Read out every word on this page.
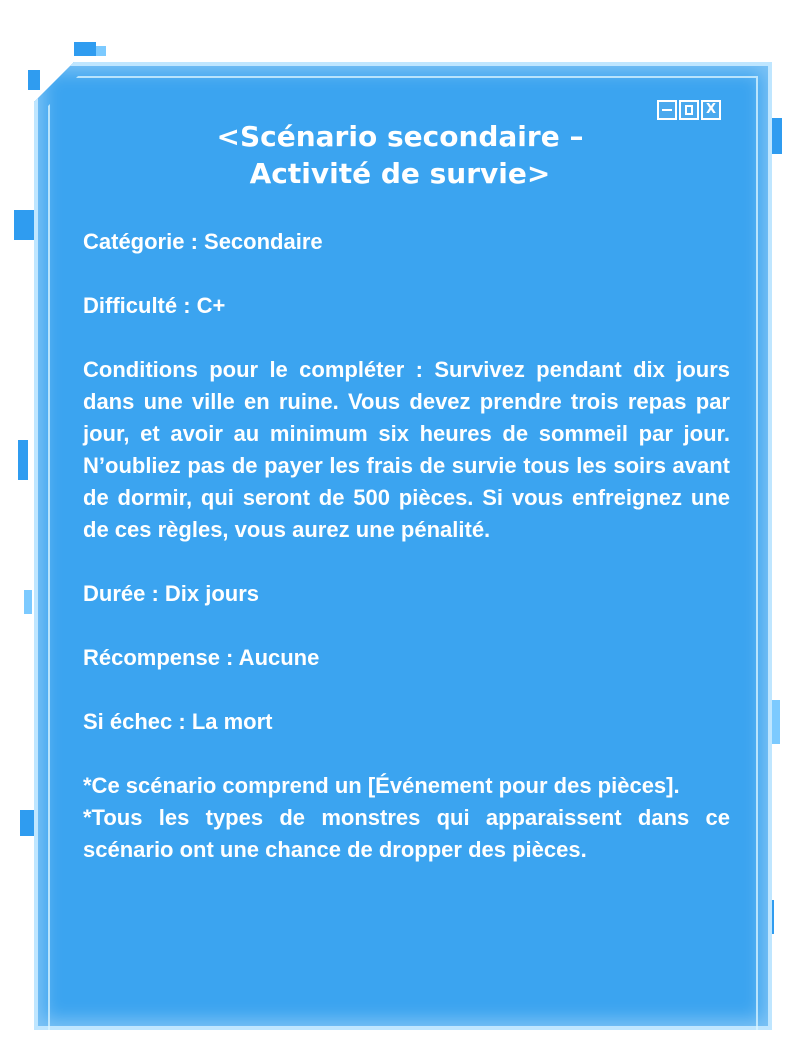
X
<Scénario secondaire –
Activité de survie>

Catégorie : Secondaire

Difficulté : C+

Conditions pour le compléter : Survivez pendant dix jours dans une ville en ruine. Vous devez prendre trois repas par jour, et avoir au minimum six heures de sommeil par jour. N’oubliez pas de payer les frais de survie tous les soirs avant de dormir, qui seront de 500 pièces. Si vous enfreignez une de ces règles, vous aurez une pénalité.

Durée : Dix jours

Récompense : Aucune

Si échec : La mort

*Ce scénario comprend un [Événement pour des pièces].

*Tous les types de monstres qui apparaissent dans ce scénario ont une chance de dropper des pièces.
